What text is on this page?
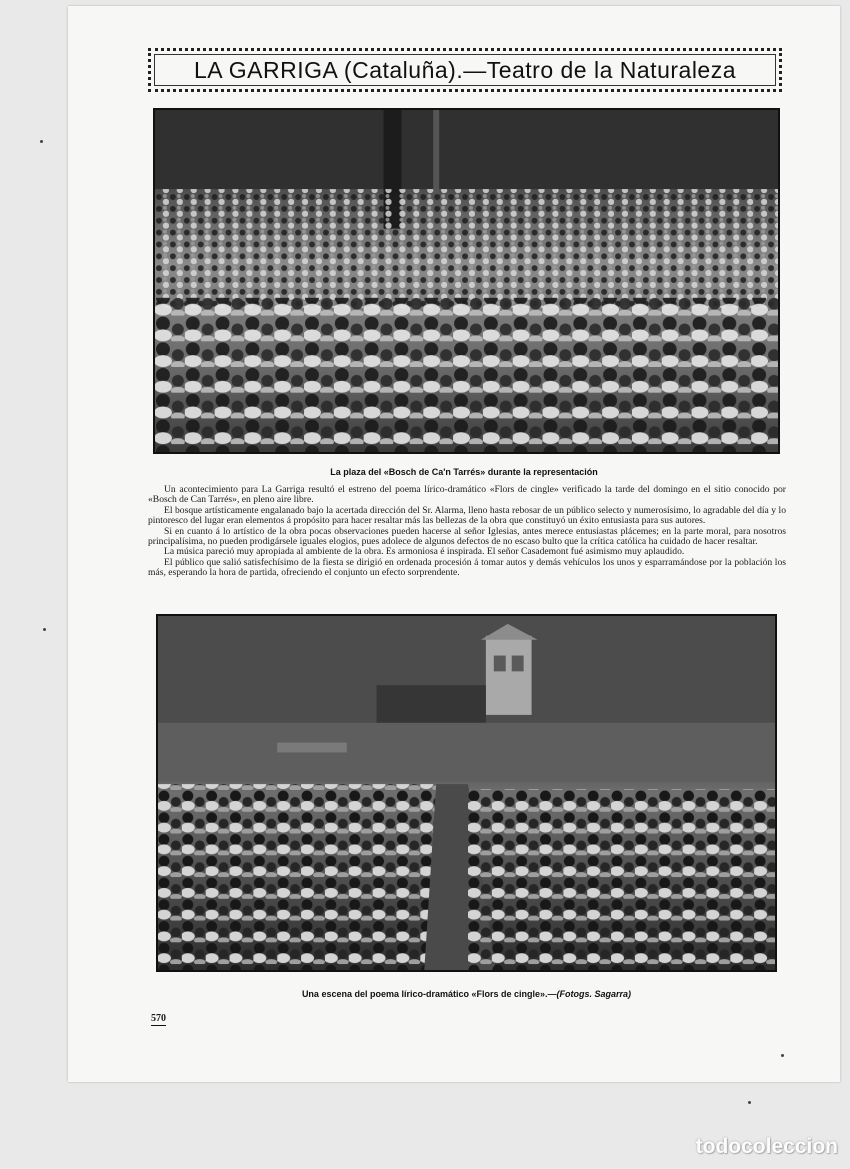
LA GARRIGA (Cataluña).—Teatro de la Naturaleza
La plaza del «Bosch de Ca'n Tarrés» durante la representación

Un acontecimiento para La Garriga resultó el estreno del poema lírico-dramático «Flors de cingle» verificado la tarde del domingo en el sitio conocido por «Bosch de Can Tarrés», en pleno aire libre.

El bosque artísticamente engalanado bajo la acertada dirección del Sr. Alarma, lleno hasta rebosar de un público selecto y numerosísimo, lo agradable del día y lo pintoresco del lugar eran elementos á propósito para hacer resaltar más las bellezas de la obra que constituyó un éxito entusiasta para sus autores.

Si en cuanto á lo artístico de la obra pocas observaciones pueden hacerse al señor Iglesias, antes merece entusiastas plácemes; en la parte moral, para nosotros principalísima, no pueden prodigársele iguales elogios, pues adolece de algunos defectos de no escaso bulto que la crítica católica ha cuidado de hacer resaltar.

La música pareció muy apropiada al ambiente de la obra. Es armoniosa é inspirada. El señor Casademont fué asimismo muy aplaudido.

El público que salió satisfechísimo de la fiesta se dirigió en ordenada procesión á tomar autos y demás vehículos los unos y esparramándose por la población los más, esperando la hora de partida, ofreciendo el conjunto un efecto sorprendente.

Una escena del poema lírico-dramático «Flors de cingle».—(Fotogs. Sagarra)
570
todocoleccion
